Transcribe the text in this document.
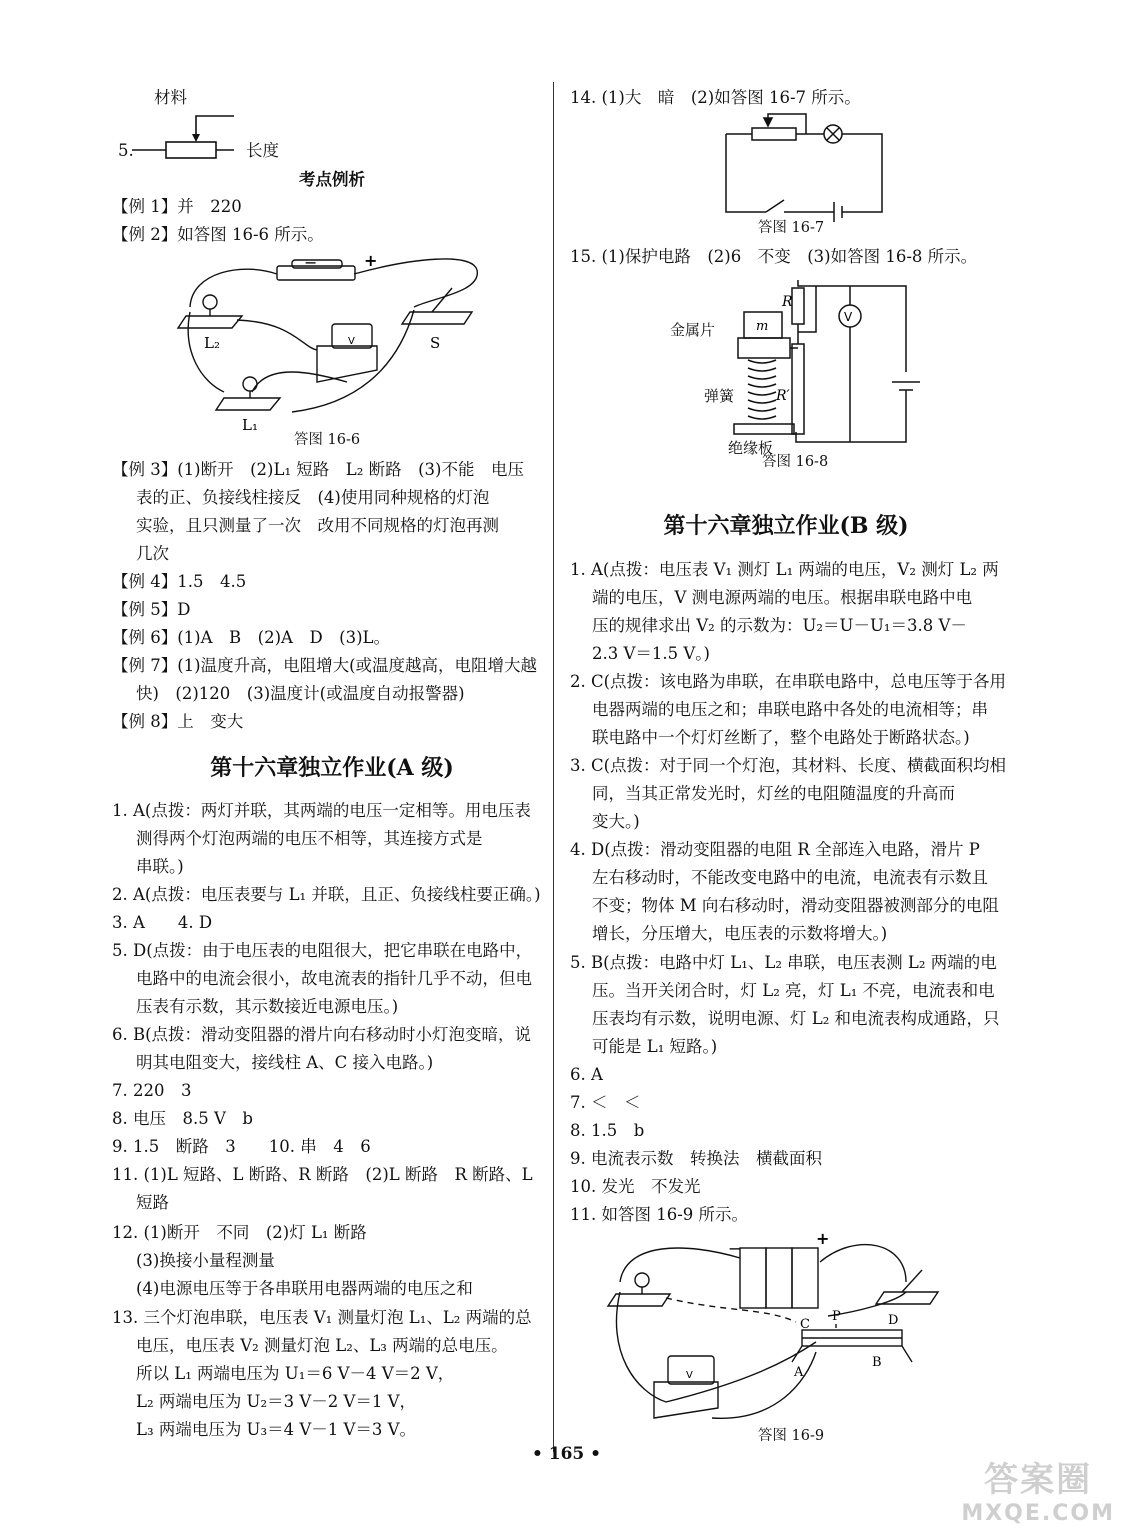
材料
5.	长度
考点例析
【例 1】并　220
【例 2】如答图 16-6 所示。
−	+
V
L₂	S
L₁
答图 16-6
【例 3】(1)断开　(2)L₁ 短路　L₂ 断路　(3)不能　电压
表的正、负接线柱接反　(4)使用同种规格的灯泡
实验，且只测量了一次　改用不同规格的灯泡再测
几次
【例 4】1.5　4.5
【例 5】D
【例 6】(1)A　B　(2)A　D　(3)L。
【例 7】(1)温度升高，电阻增大(或温度越高，电阻增大越
快)　(2)120　(3)温度计(或温度自动报警器)
【例 8】上　变大
第十六章独立作业(A 级)
1. A(点拨：两灯并联，其两端的电压一定相等。用电压表
测得两个灯泡两端的电压不相等，其连接方式是
串联。)
2. A(点拨：电压表要与 L₁ 并联，且正、负接线柱要正确。)
3. A　　4. D
5. D(点拨：由于电压表的电阻很大，把它串联在电路中，
电路中的电流会很小，故电流表的指针几乎不动，但电
压表有示数，其示数接近电源电压。)
6. B(点拨：滑动变阻器的滑片向右移动时小灯泡变暗，说
明其电阻变大，接线柱 A、C 接入电路。)
7. 220　3
8. 电压　8.5 V　b
9. 1.5　断路　3　　10. 串　4　6
11. (1)L 短路、L 断路、R 断路　(2)L 断路　R 断路、L
短路
12. (1)断开　不同　(2)灯 L₁ 断路
(3)换接小量程测量
(4)电源电压等于各串联用电器两端的电压之和
13. 三个灯泡串联，电压表 V₁ 测量灯泡 L₁、L₂ 两端的总
电压，电压表 V₂ 测量灯泡 L₂、L₃ 两端的总电压。
所以 L₁ 两端电压为 U₁＝6 V－4 V＝2 V，
L₂ 两端电压为 U₂＝3 V－2 V＝1 V，
L₃ 两端电压为 U₃＝4 V－1 V＝3 V。
14. (1)大　暗　(2)如答图 16-7 所示。
答图 16-7
15. (1)保护电路　(2)6　不变　(3)如答图 16-8 所示。
R
V
m
R′
金属片
弹簧
绝缘板
答图 16-8
第十六章独立作业(B 级)
1. A(点拨：电压表 V₁ 测灯 L₁ 两端的电压，V₂ 测灯 L₂ 两
端的电压，V 测电源两端的电压。根据串联电路中电
压的规律求出 V₂ 的示数为：U₂＝U－U₁＝3.8 V－
2.3 V＝1.5 V。)
2. C(点拨：该电路为串联，在串联电路中，总电压等于各用
电器两端的电压之和；串联电路中各处的电流相等；串
联电路中一个灯灯丝断了，整个电路处于断路状态。)
3. C(点拨：对于同一个灯泡，其材料、长度、横截面积均相
同，当其正常发光时，灯丝的电阻随温度的升高而
变大。)
4. D(点拨：滑动变阻器的电阻 R 全部连入电路，滑片 P
左右移动时，不能改变电路中的电流，电流表有示数且
不变；物体 M 向右移动时，滑动变阻器被测部分的电阻
增长，分压增大，电压表的示数将增大。)
5. B(点拨：电路中灯 L₁、L₂ 串联，电压表测 L₂ 两端的电
压。当开关闭合时，灯 L₂ 亮，灯 L₁ 不亮，电流表和电
压表均有示数，说明电源、灯 L₂ 和电流表构成通路，只
可能是 L₁ 短路。)
6. A
7. ＜　＜
8. 1.5　b
9. 电流表示数　转换法　横截面积
10. 发光　不发光
11. 如答图 16-9 所示。
−
+
V
C
P	D
A
B
答图 16-9
• 165 •
答案圈
MXQE.COM
